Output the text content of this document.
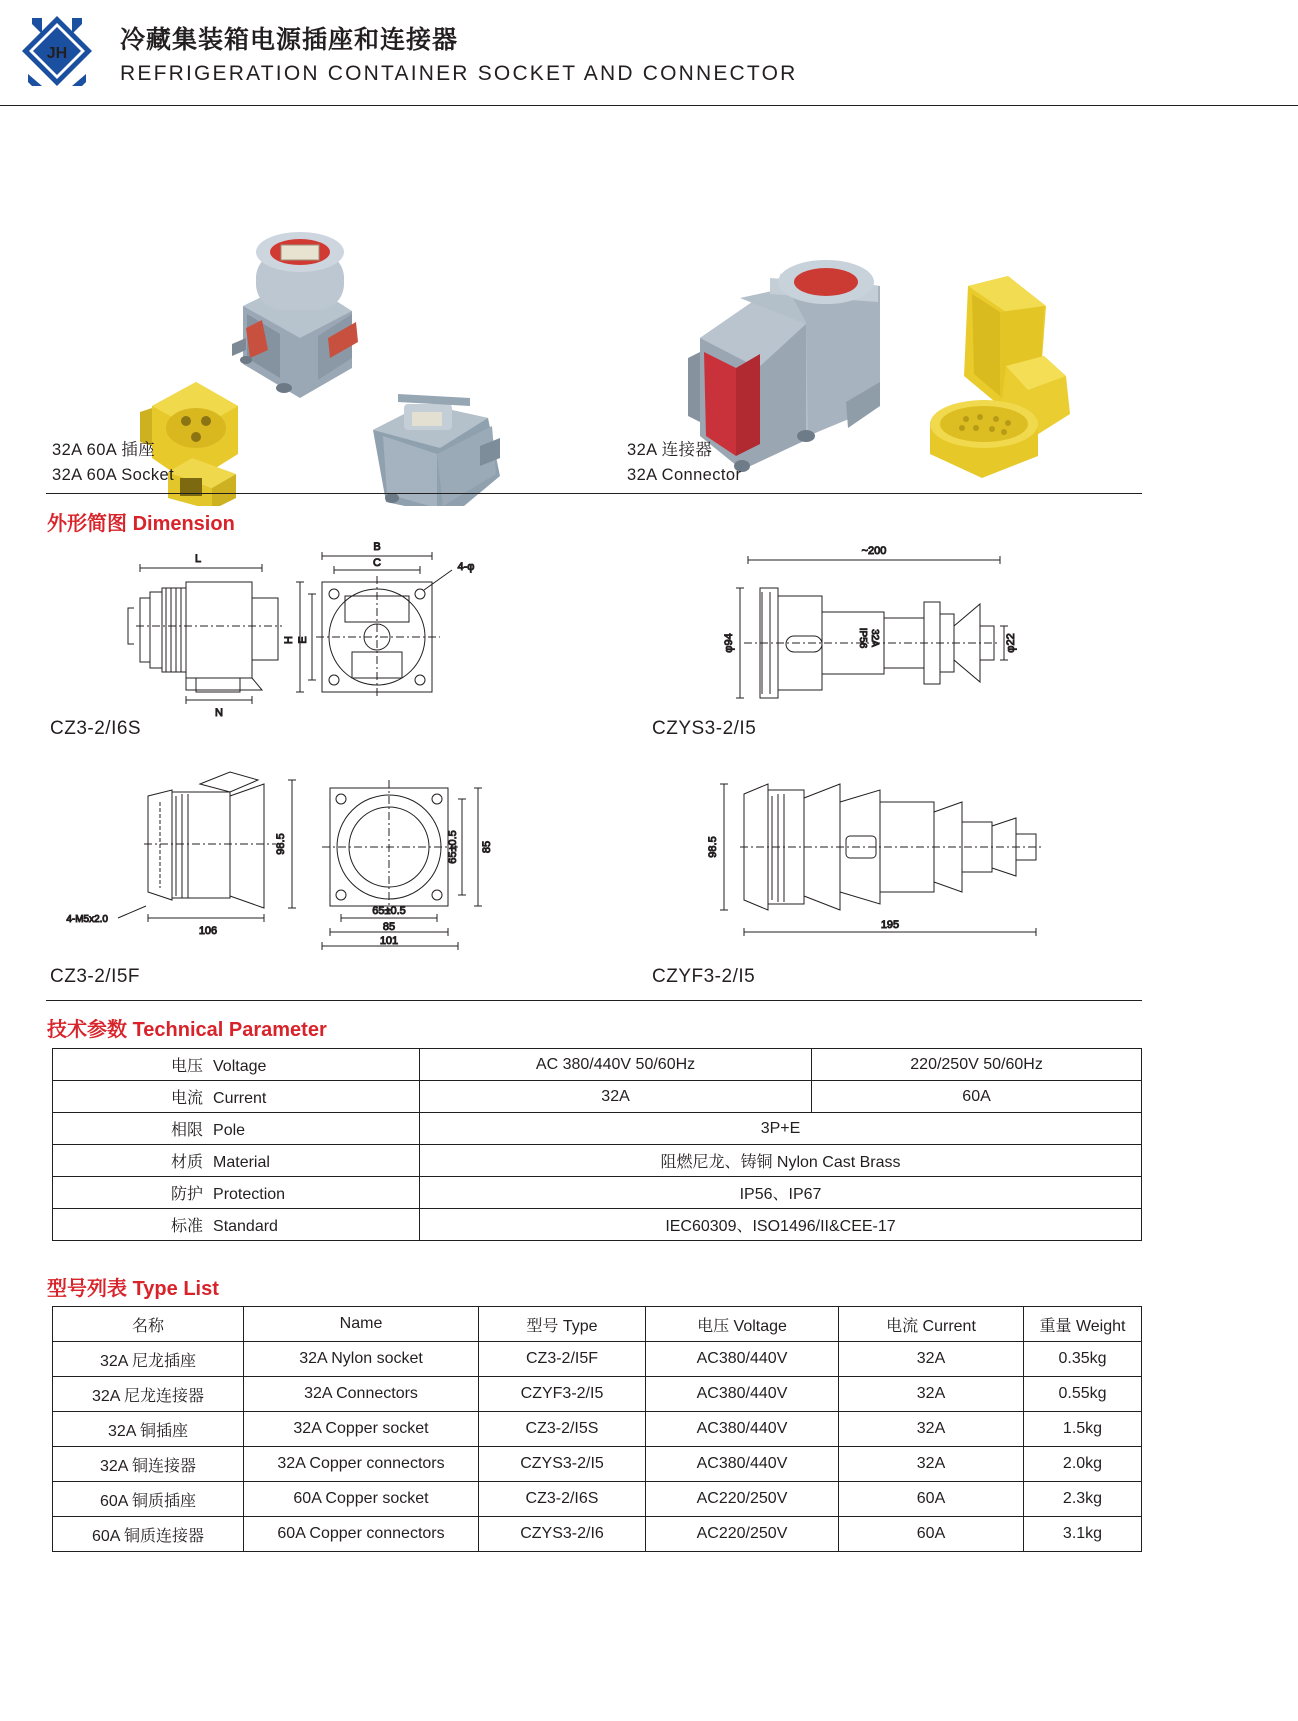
JH 冷藏集装箱电源插座和连接器
REFRIGERATION CONTAINER SOCKET AND CONNECTOR
32A 60A 插座
32A 60A Socket
32A 连接器
32A Connector
外形简图 Dimension
L
N
B
C	4-φ
H E
~200
φ94	IP56 32A	φ22
98.5
106
4-M5x2.0
65±0.5 85
65±0.5
85
101
98.5
195
CZ3-2/I6S	CZYS3-2/I5
CZ3-2/I5F	CZYF3-2/I5
技术参数 Technical Parameter
电压 Voltage	AC 380/440V 50/60Hz	220/250V 50/60Hz
电流 Current	32A	60A
相限 Pole	3P+E	
材质 Material	阻燃尼龙、铸铜 Nylon Cast Brass	
防护 Protection	IP56、IP67	
标准 Standard	IEC60309、ISO1496/II&CEE-17	
型号列表 Type List
名称	Name	型号 Type	电压 Voltage	电流 Current	重量 Weight
32A 尼龙插座	32A Nylon socket	CZ3-2/I5F	AC380/440V	32A	0.35kg
32A 尼龙连接器	32A Connectors	CZYF3-2/I5	AC380/440V	32A	0.55kg
32A 铜插座	32A Copper socket	CZ3-2/I5S	AC380/440V	32A	1.5kg
32A 铜连接器	32A Copper connectors	CZYS3-2/I5	AC380/440V	32A	2.0kg
60A 铜质插座	60A Copper socket	CZ3-2/I6S	AC220/250V	60A	2.3kg
60A 铜质连接器	60A Copper connectors	CZYS3-2/I6	AC220/250V	60A	3.1kg
